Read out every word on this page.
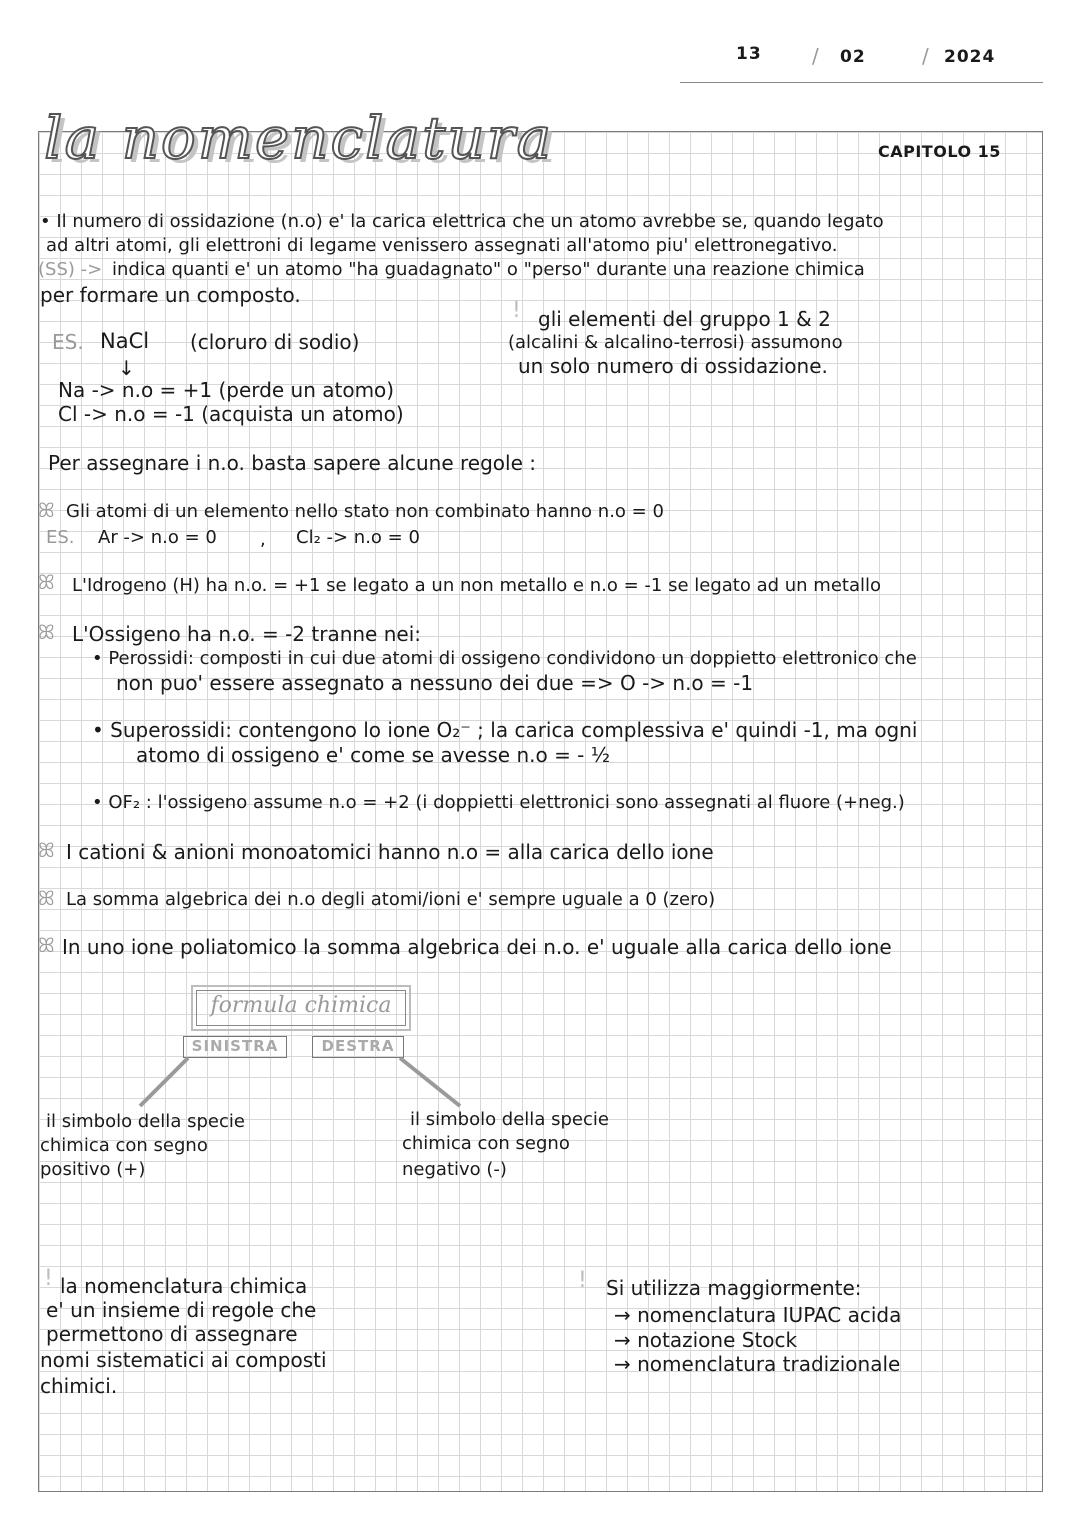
13	/ 02	/ 2024
la nomenclatura	CAPITOLO 15
• Il numero di ossidazione (n.o) e' la carica elettrica che un atomo avrebbe se, quando legato
ad altri atomi, gli elettroni di legame venissero assegnati all'atomo piu' elettronegativo.
(SS) -> indica quanti e' un atomo "ha guadagnato" o "perso" durante una reazione chimica
per formare un composto.
ES. NaCl (cloruro di sodio)
↓
Na -> n.o = +1 (perde un atomo)
Cl -> n.o = -1 (acquista un atomo)
! gli elementi del gruppo 1 & 2
(alcalini & alcalino-terrosi) assumono
un solo numero di ossidazione.
Per assegnare i n.o. basta sapere alcune regole :
ꕤ Gli atomi di un elemento nello stato non combinato hanno n.o = 0
ES. Ar -> n.o = 0 , Cl₂ -> n.o = 0
ꕤ L'Idrogeno (H) ha n.o. = +1 se legato a un non metallo e n.o = -1 se legato ad un metallo
ꕤ L'Ossigeno ha n.o. = -2 tranne nei:
• Perossidi: composti in cui due atomi di ossigeno condividono un doppietto elettronico che
non puo' essere assegnato a nessuno dei due => O -> n.o = -1
• Superossidi: contengono lo ione O₂⁻ ; la carica complessiva e' quindi -1, ma ogni
atomo di ossigeno e' come se avesse n.o = - ½
• OF₂ : l'ossigeno assume n.o = +2 (i doppietti elettronici sono assegnati al fluore (+neg.)
ꕤ I cationi & anioni monoatomici hanno n.o = alla carica dello ione
ꕤ La somma algebrica dei n.o degli atomi/ioni e' sempre uguale a 0 (zero)
ꕤ In uno ione poliatomico la somma algebrica dei n.o. e' uguale alla carica dello ione
formula chimica
SINISTRA	DESTRA
il simbolo della specie
chimica con segno
positivo (+)
il simbolo della specie
chimica con segno
negativo (-)
! la nomenclatura chimica
e' un insieme di regole che
permettono di assegnare
nomi sistematici ai composti
chimici.
! Si utilizza maggiormente:
→ nomenclatura IUPAC acida
→ notazione Stock
→ nomenclatura tradizionale
